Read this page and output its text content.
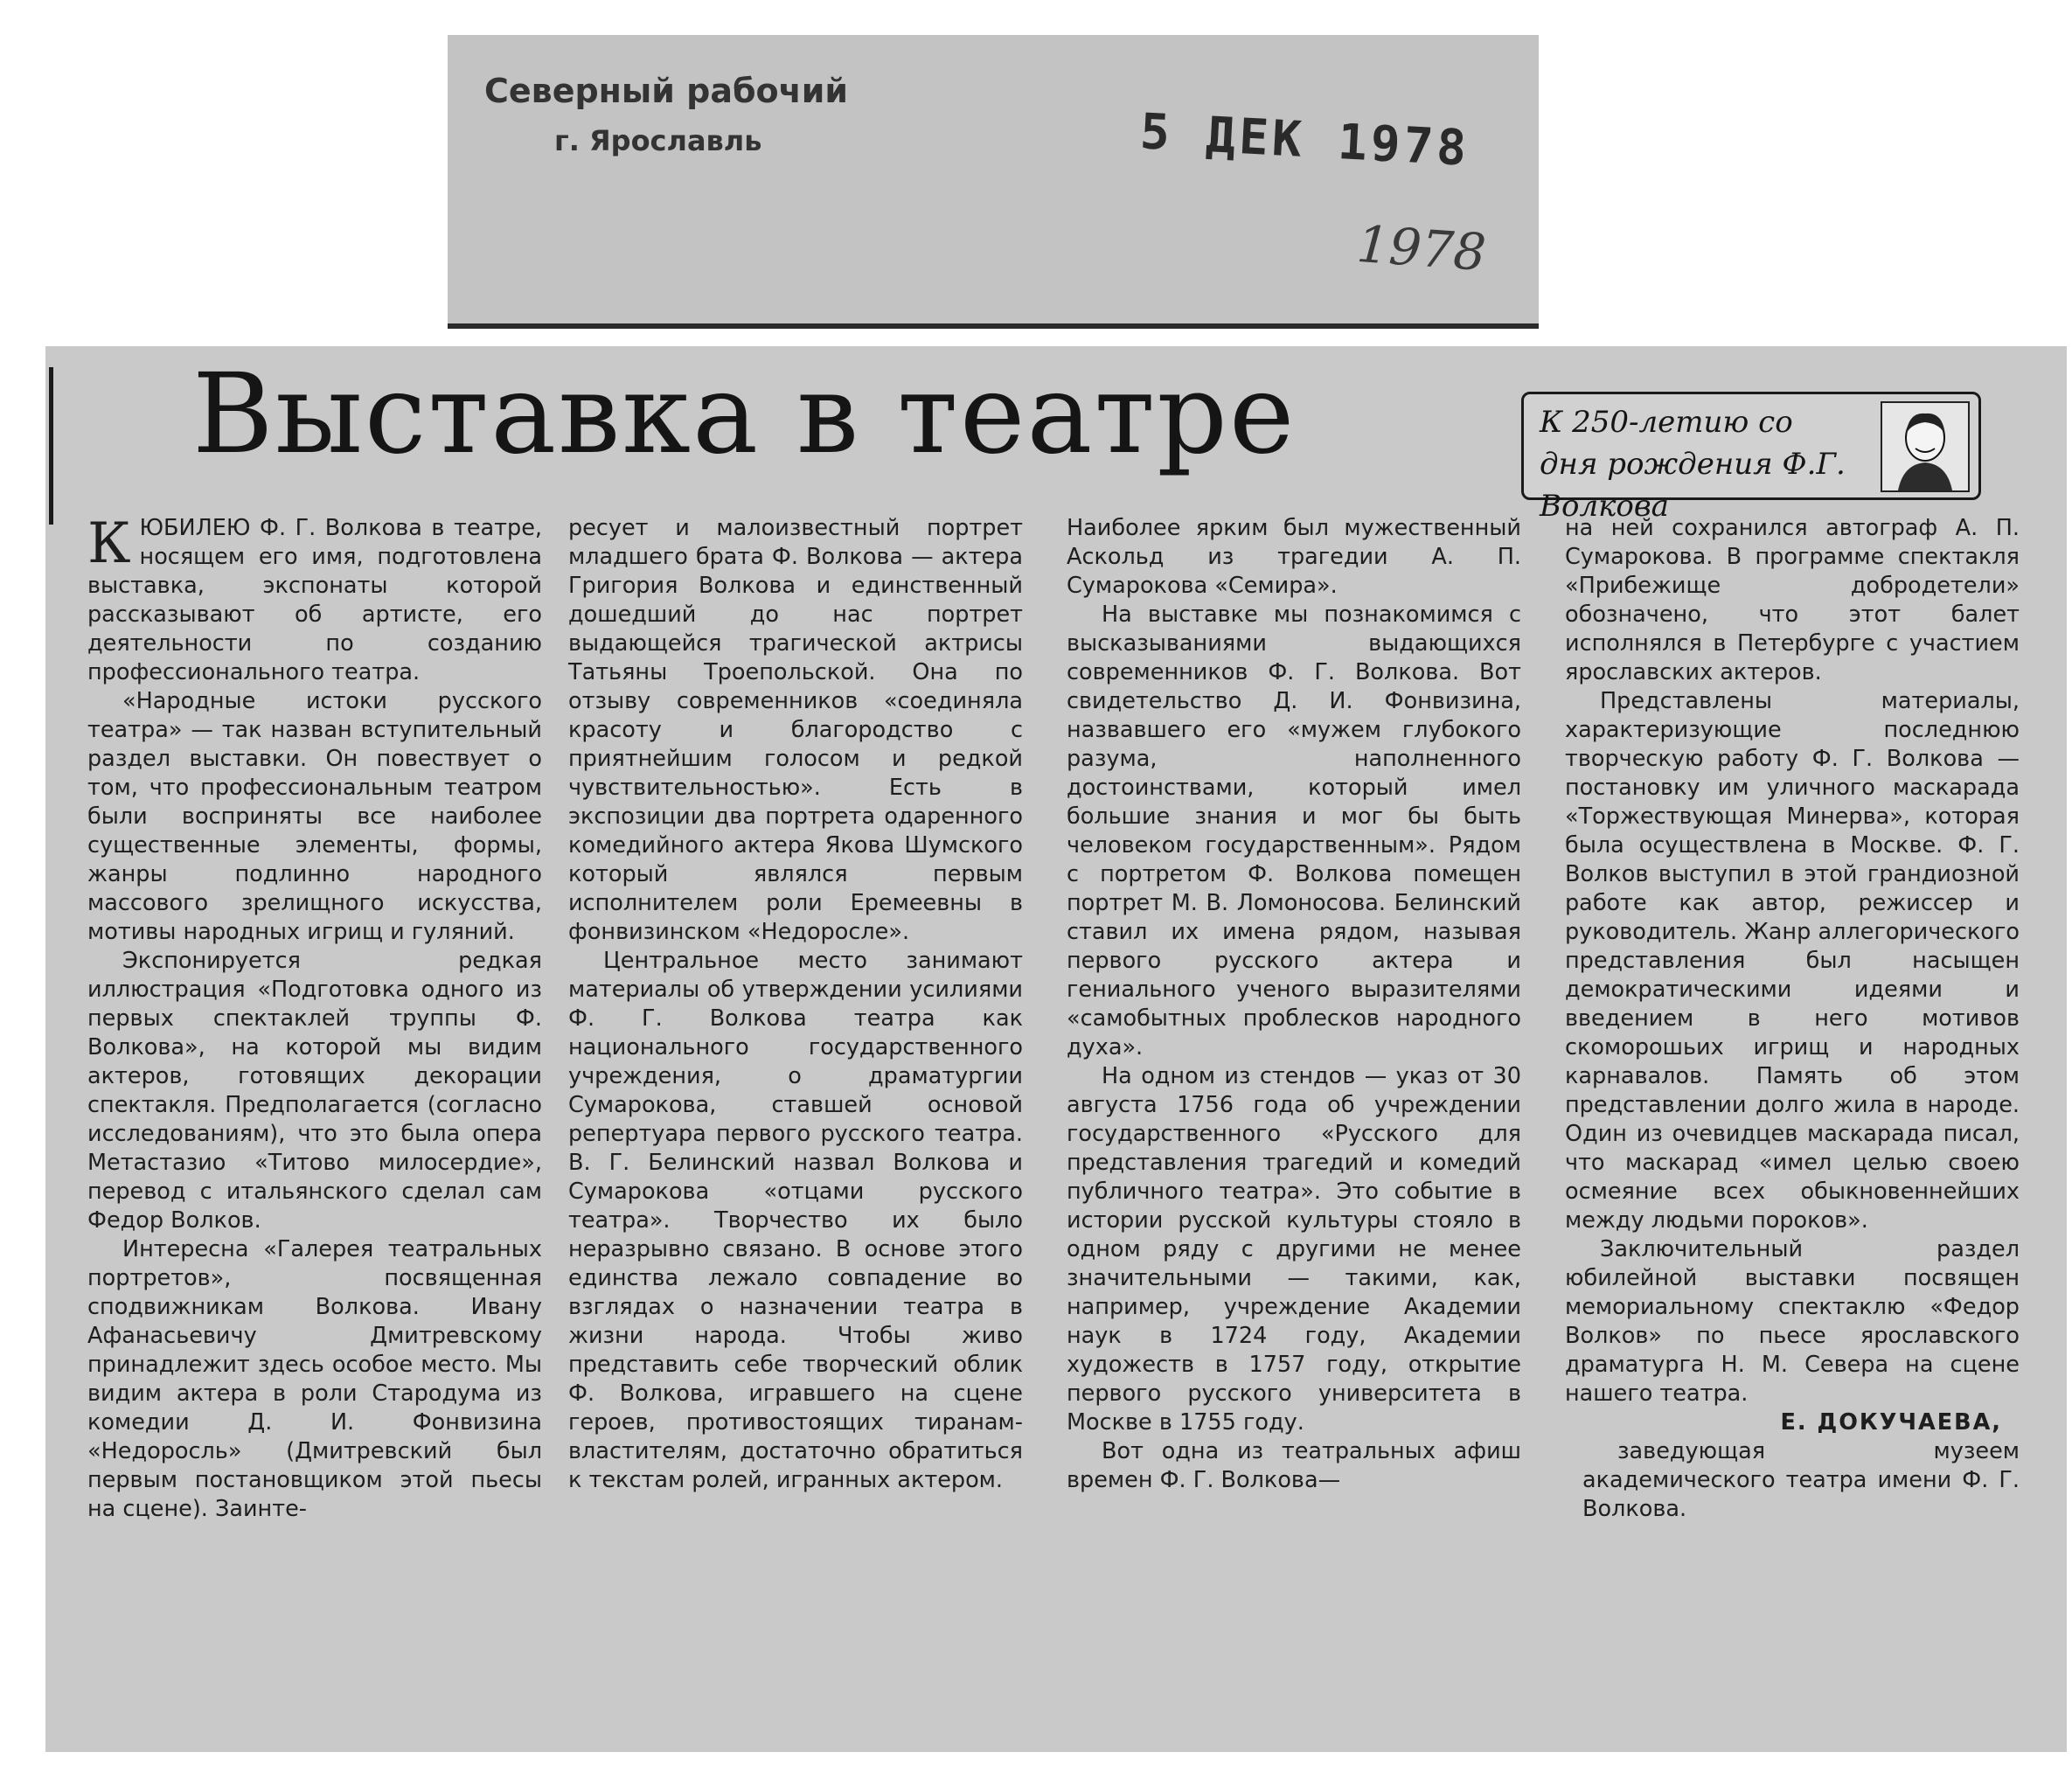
Северный рабочий
г. Ярославль	5 ДЕК 1978
1978
Выставка в театре	К 250-летию со дня рождения Ф.Г. Волкова

КЮБИЛЕЮ Ф. Г. Волкова в театре, носящем его имя, подготовлена выставка, экспонаты которой рассказывают об артисте, его деятельности по созданию профессионального театра.

«Народные истоки русского театра» — так назван вступительный раздел выставки. Он повествует о том, что профессиональным театром были восприняты все наиболее существенные элементы, формы, жанры подлинно народного массового зрелищного искусства, мотивы народных игрищ и гуляний.

Экспонируется редкая иллюстрация «Подготовка одного из первых спектаклей труппы Ф. Волкова», на которой мы видим актеров, готовящих декорации спектакля. Предполагается (согласно исследованиям), что это была опера Метастазио «Титово милосердие», перевод с итальянского сделал сам Федор Волков.

Интересна «Галерея театральных портретов», посвященная сподвижникам Волкова. Ивану Афанасьевичу Дмитревскому принадлежит здесь особое место. Мы видим актера в роли Стародума из комедии Д. И. Фонвизина «Недоросль» (Дмитревский был первым постановщиком этой пьесы на сцене). Заинте-

ресует и малоизвестный портрет младшего брата Ф. Волкова — актера Григория Волкова и единственный дошедший до нас портрет выдающейся трагической актрисы Татьяны Троепольской. Она по отзыву современников «соединяла красоту и благородство с приятнейшим голосом и редкой чувствительностью». Есть в экспозиции два портрета одаренного комедийного актера Якова Шумского который являлся первым исполнителем роли Еремеевны в фонвизинском «Недоросле».

Центральное место занимают материалы об утверждении усилиями Ф. Г. Волкова театра как национального государственного учреждения, о драматургии Сумарокова, ставшей основой репертуара первого русского театра. В. Г. Белинский назвал Волкова и Сумарокова «отцами русского театра». Творчество их было неразрывно связано. В основе этого единства лежало совпадение во взглядах о назначении театра в жизни народа. Чтобы живо представить себе творческий облик Ф. Волкова, игравшего на сцене героев, противостоящих тиранам-властителям, достаточно обратиться к текстам ролей, игранных актером.

Наиболее ярким был мужественный Аскольд из трагедии А. П. Сумарокова «Семира».

На выставке мы познакомимся с высказываниями выдающихся современников Ф. Г. Волкова. Вот свидетельство Д. И. Фонвизина, назвавшего его «мужем глубокого разума, наполненного достоинствами, который имел большие знания и мог бы быть человеком государственным». Рядом с портретом Ф. Волкова помещен портрет М. В. Ломоносова. Белинский ставил их имена рядом, называя первого русского актера и гениального ученого выразителями «самобытных проблесков народного духа».

На одном из стендов — указ от 30 августа 1756 года об учреждении государственного «Русского для представления трагедий и комедий публичного театра». Это событие в истории русской культуры стояло в одном ряду с другими не менее значительными — такими, как, например, учреждение Академии наук в 1724 году, Академии художеств в 1757 году, открытие первого русского университета в Москве в 1755 году.

Вот одна из театральных афиш времен Ф. Г. Волкова—

на ней сохранился автограф А. П. Сумарокова. В программе спектакля «Прибежище добродетели» обозначено, что этот балет исполнялся в Петербурге с участием ярославских актеров.

Представлены материалы, характеризующие последнюю творческую работу Ф. Г. Волкова — постановку им уличного маскарада «Торжествующая Минерва», которая была осуществлена в Москве. Ф. Г. Волков выступил в этой грандиозной работе как автор, режиссер и руководитель. Жанр аллегорического представления был насыщен демократическими идеями и введением в него мотивов скоморошьих игрищ и народных карнавалов. Память об этом представлении долго жила в народе. Один из очевидцев маскарада писал, что маскарад «имел целью своею осмеяние всех обыкновеннейших между людьми пороков».

Заключительный раздел юбилейной выставки посвящен мемориальному спектаклю «Федор Волков» по пьесе ярославского драматурга Н. М. Севера на сцене нашего театра.

Е. ДОКУЧАЕВА,

заведующая музеем академического театра имени Ф. Г. Волкова.
